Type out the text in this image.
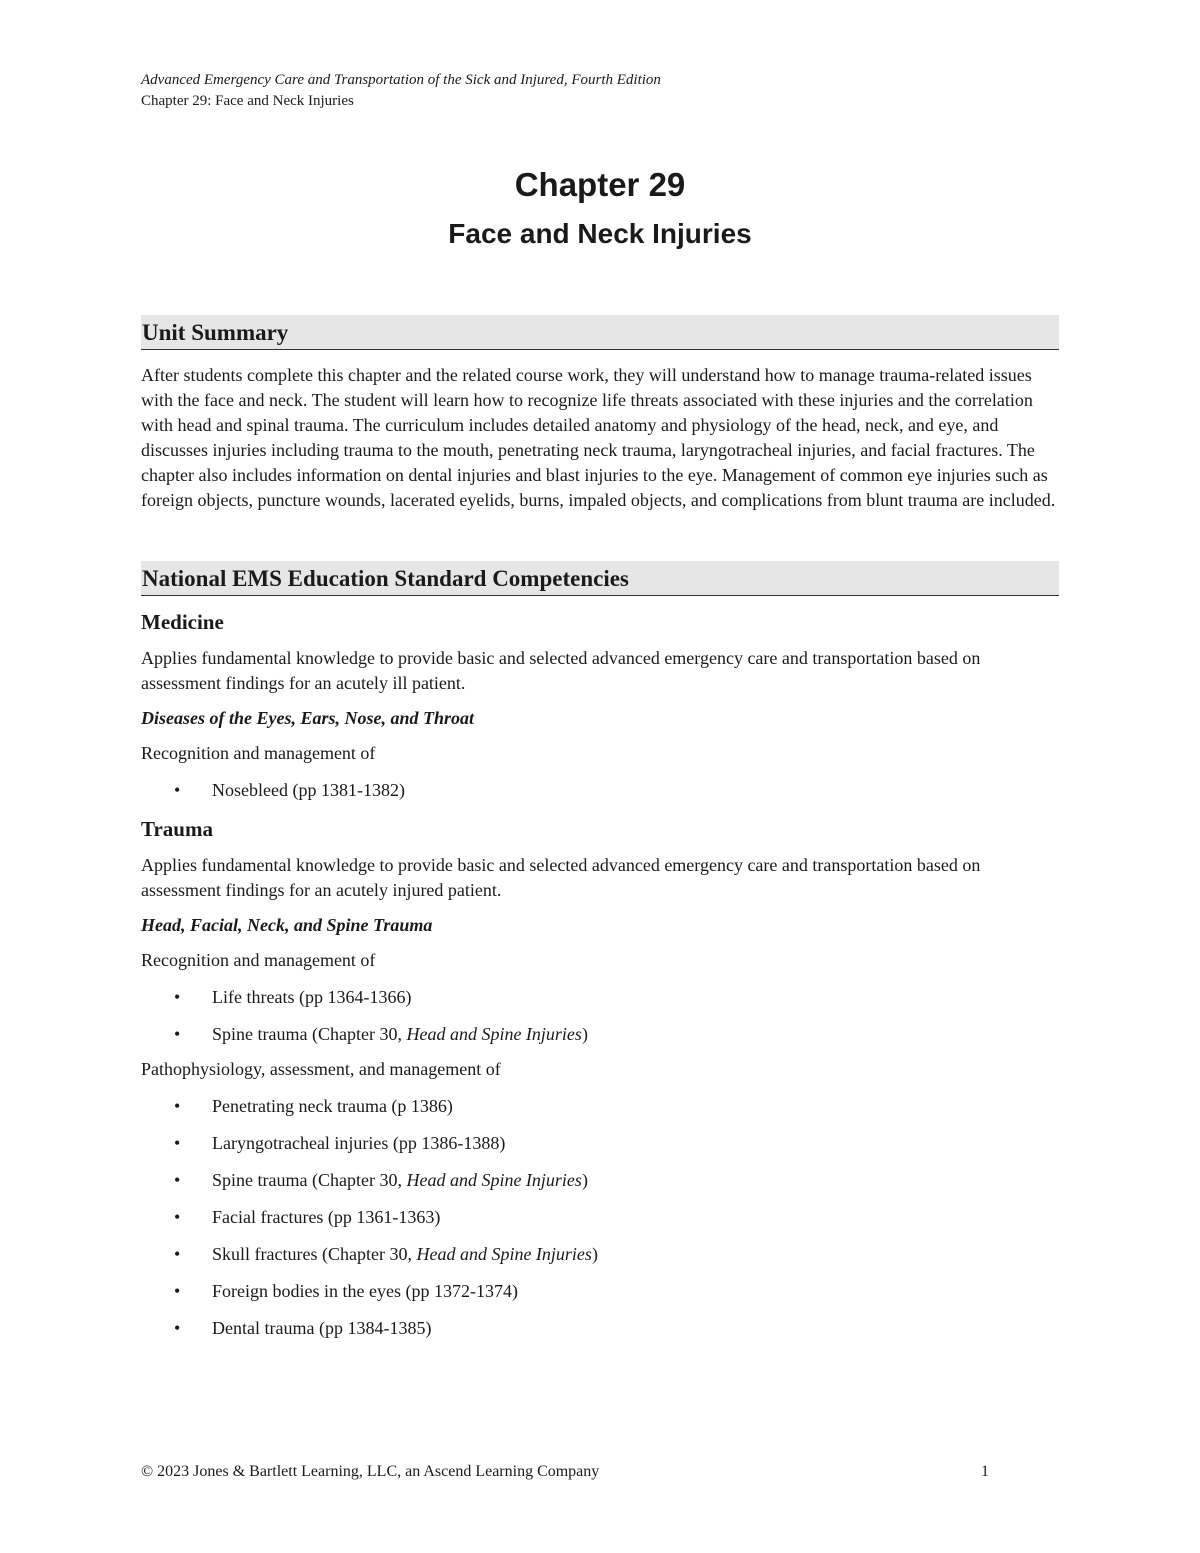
Advanced Emergency Care and Transportation of the Sick and Injured, Fourth Edition
Chapter 29: Face and Neck Injuries
Chapter 29
Face and Neck Injuries
Unit Summary

After students complete this chapter and the related course work, they will understand how to manage trauma-related issues with the face and neck. The student will learn how to recognize life threats associated with these injuries and the correlation with head and spinal trauma. The curriculum includes detailed anatomy and physiology of the head, neck, and eye, and discusses injuries including trauma to the mouth, penetrating neck trauma, laryngotracheal injuries, and facial fractures. The chapter also includes information on dental injuries and blast injuries to the eye. Management of common eye injuries such as foreign objects, puncture wounds, lacerated eyelids, burns, impaled objects, and complications from blunt trauma are included.

National EMS Education Standard Competencies
Medicine

Applies fundamental knowledge to provide basic and selected advanced emergency care and transportation based on assessment findings for an acutely ill patient.

Diseases of the Eyes, Ears, Nose, and Throat

Recognition and management of

• Nosebleed (pp 1381-1382)
Trauma

Applies fundamental knowledge to provide basic and selected advanced emergency care and transportation based on assessment findings for an acutely injured patient.

Head, Facial, Neck, and Spine Trauma

Recognition and management of

• Life threats (pp 1364-1366)
• Spine trauma (Chapter 30, Head and Spine Injuries)

Pathophysiology, assessment, and management of

• Penetrating neck trauma (p 1386)
• Laryngotracheal injuries (pp 1386-1388)
• Spine trauma (Chapter 30, Head and Spine Injuries)
• Facial fractures (pp 1361-1363)
• Skull fractures (Chapter 30, Head and Spine Injuries)
• Foreign bodies in the eyes (pp 1372-1374)
• Dental trauma (pp 1384-1385)
© 2023 Jones & Bartlett Learning, LLC, an Ascend Learning Company	1
